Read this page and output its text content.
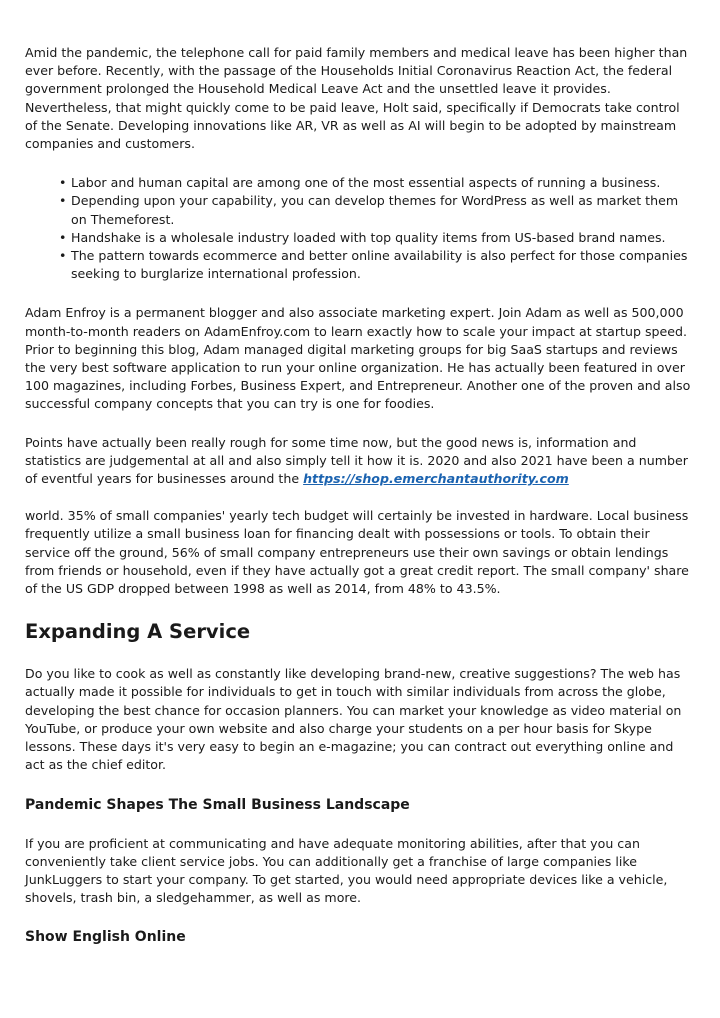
Amid the pandemic, the telephone call for paid family members and medical leave has been higher than ever before. Recently, with the passage of the Households Initial Coronavirus Reaction Act, the federal government prolonged the Household Medical Leave Act and the unsettled leave it provides. Nevertheless, that might quickly come to be paid leave, Holt said, specifically if Democrats take control of the Senate. Developing innovations like AR, VR as well as AI will begin to be adopted by mainstream companies and customers.

• Labor and human capital are among one of the most essential aspects of running a business.
• Depending upon your capability, you can develop themes for WordPress as well as market them on Themeforest.
• Handshake is a wholesale industry loaded with top quality items from US-based brand names.
• The pattern towards ecommerce and better online availability is also perfect for those companies seeking to burglarize international profession.

Adam Enfroy is a permanent blogger and also associate marketing expert. Join Adam as well as 500,000 month-to-month readers on AdamEnfroy.com to learn exactly how to scale your impact at startup speed. Prior to beginning this blog, Adam managed digital marketing groups for big SaaS startups and reviews the very best software application to run your online organization. He has actually been featured in over 100 magazines, including Forbes, Business Expert, and Entrepreneur. Another one of the proven and also successful company concepts that you can try is one for foodies.

Points have actually been really rough for some time now, but the good news is, information and statistics are judgemental at all and also simply tell it how it is. 2020 and also 2021 have been a number of eventful years for businesses around the https://shop.emerchantauthority.com

world. 35% of small companies' yearly tech budget will certainly be invested in hardware. Local business frequently utilize a small business loan for financing dealt with possessions or tools. To obtain their service off the ground, 56% of small company entrepreneurs use their own savings or obtain lendings from friends or household, even if they have actually got a great credit report. The small company' share of the US GDP dropped between 1998 as well as 2014, from 48% to 43.5%.

Expanding A Service

Do you like to cook as well as constantly like developing brand-new, creative suggestions? The web has actually made it possible for individuals to get in touch with similar individuals from across the globe, developing the best chance for occasion planners. You can market your knowledge as video material on YouTube, or produce your own website and also charge your students on a per hour basis for Skype lessons. These days it's very easy to begin an e-magazine; you can contract out everything online and act as the chief editor.

Pandemic Shapes The Small Business Landscape

If you are proficient at communicating and have adequate monitoring abilities, after that you can conveniently take client service jobs. You can additionally get a franchise of large companies like JunkLuggers to start your company. To get started, you would need appropriate devices like a vehicle, shovels, trash bin, a sledgehammer, as well as more.

Show English Online
